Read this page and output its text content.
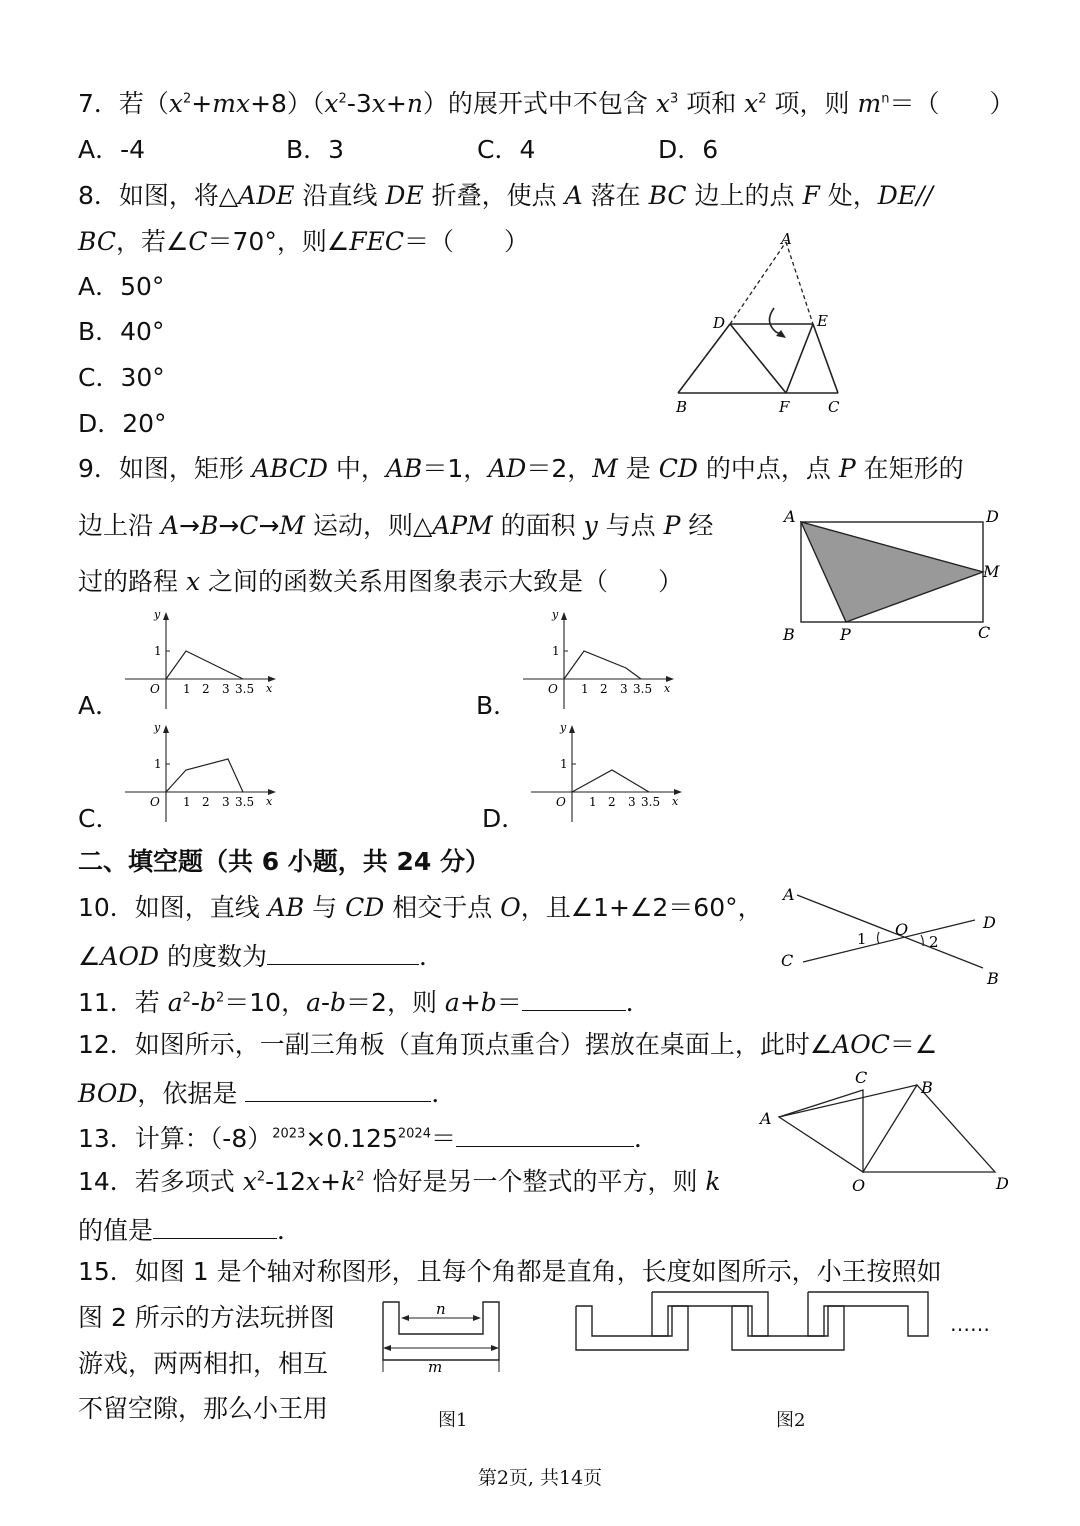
7．若$(x^2+mx+8)(x^2-3x+n)$的展开式中不包含 $x^3$ 项和 $x^2$ 项，则 $m^n=$（　　）
A．-4	B．3	C．4	D．6
8．如图，将△ADE 沿直线 DE 折叠，使点 A 落在 BC 边上的点 F 处，DE//
BC，若∠C＝70°，则∠FEC＝（　　）
A．50°
B．40°
C．30°
D．20°
A
D	E
B	F	C
9．如图，矩形 ABCD 中，AB＝1，AD＝2，M 是 CD 的中点，点 P 在矩形的
边上沿 A→B→C→M 运动，则△APM 的面积 y 与点 P 经
过的路程 x 之间的函数关系用图象表示大致是（　　）
A	D
M
B	P	C
A．	B．
C．	D．
y
x
O
1
1 2 3 3.5
y
x
O
1
1 2 3 3.5
y
x
O
1
1 2 3 3.5
y
x
O
1
1 2 3 3.5
二、填空题（共 6 小题，共 24 分）
10．如图，直线 AB 与 CD 相交于点 O，且∠1+∠2＝60°，
∠AOD 的度数为	．
A
C
O	D
B
1	2
11．若 $a^2-b^2=10$，a-b＝2，则 a+b＝	．
12．如图所示，一副三角板（直角顶点重合）摆放在桌面上，此时∠AOC＝∠
BOD，依据是	．
C
B
A
O	D
13．计算：$(-8)^{2023}\times 0.125^{2024}=$	．
14．若多项式 $x^2-12x+k^2$ 恰好是另一个整式的平方，则 k
的值是	．
15．如图 1 是个轴对称图形，且每个角都是直角，长度如图所示，小王按照如
图 2 所示的方法玩拼图
游戏，两两相扣，相互
不留空隙，那么小王用
n
m
图1
……
图2
第2页, 共14页
